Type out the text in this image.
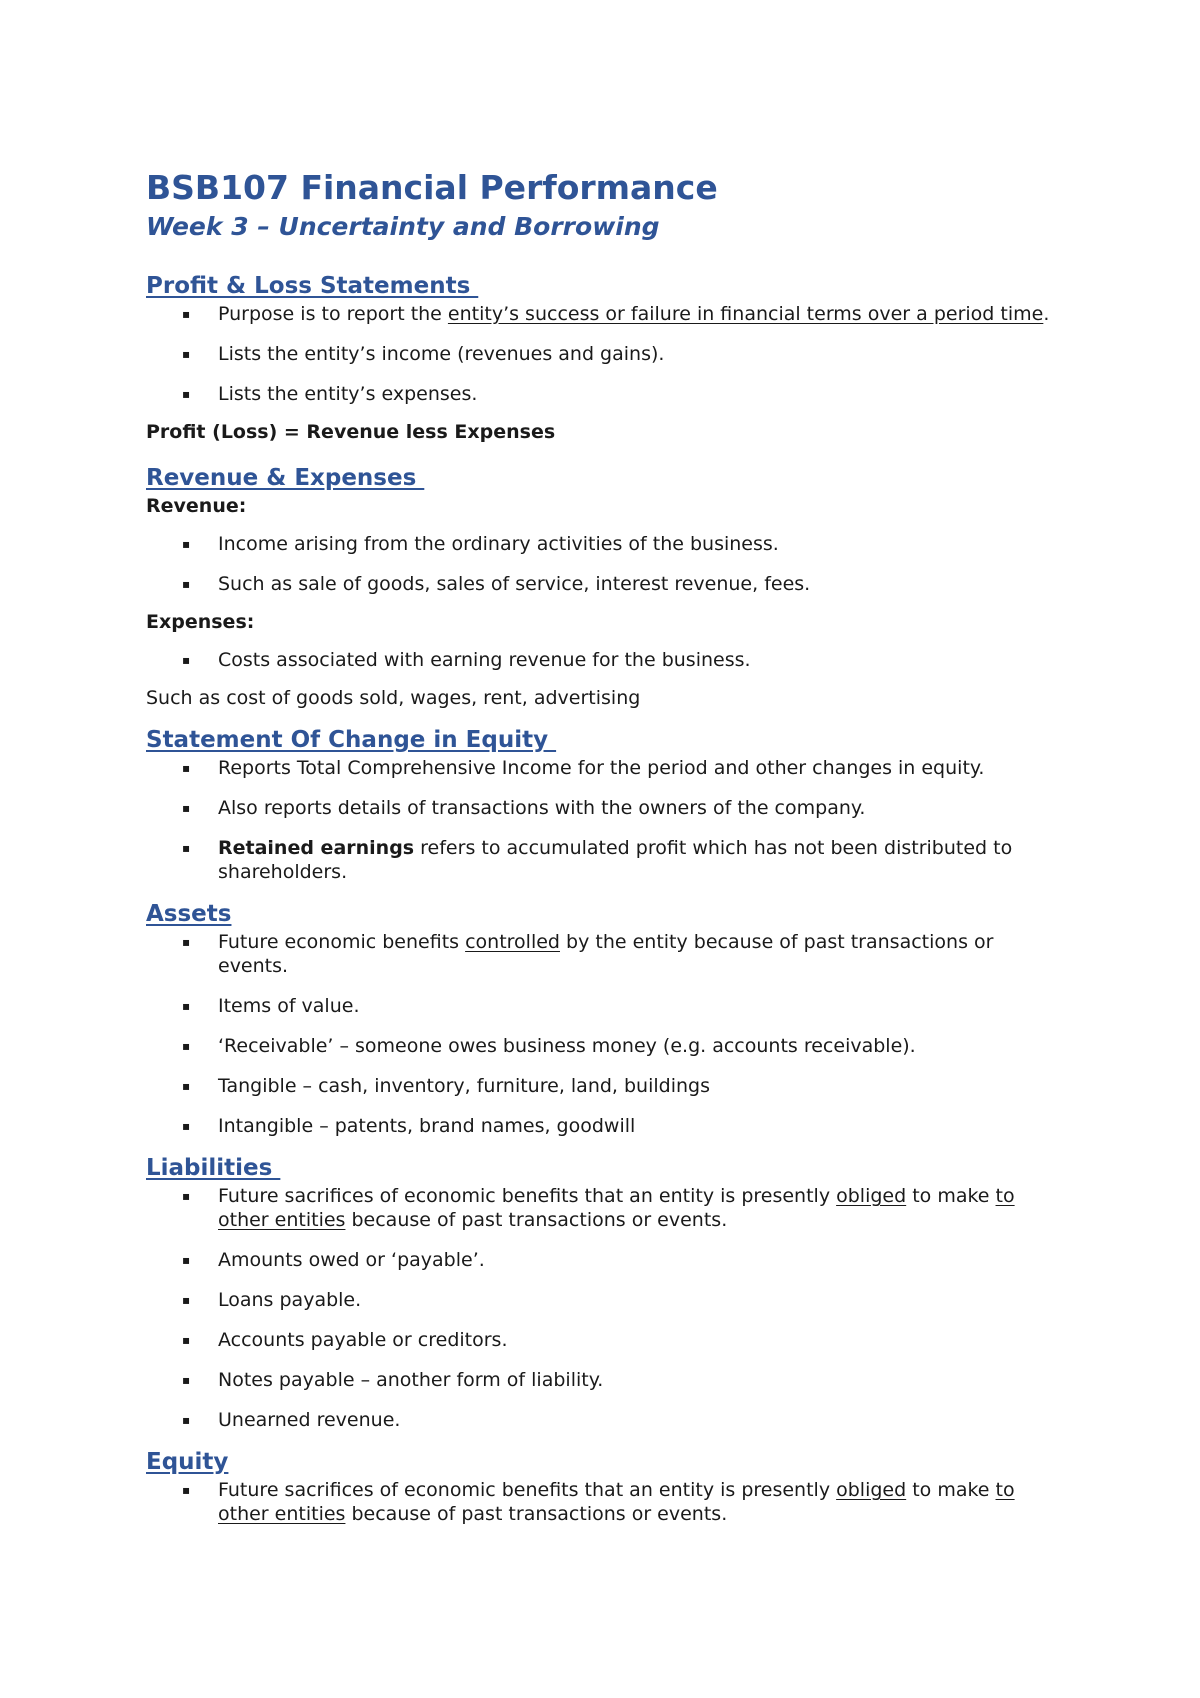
BSB107 Financial Performance
Week 3 – Uncertainty and Borrowing
Profit & Loss Statements
▪ Purpose is to report the entity’s success or failure in financial terms over a period time.
▪ Lists the entity’s income (revenues and gains).
▪ Lists the entity’s expenses.

Profit (Loss) = Revenue less Expenses

Revenue & Expenses

Revenue:

▪ Income arising from the ordinary activities of the business.
▪ Such as sale of goods, sales of service, interest revenue, fees.

Expenses:

▪ Costs associated with earning revenue for the business.

Such as cost of goods sold, wages, rent, advertising

Statement Of Change in Equity
▪ Reports Total Comprehensive Income for the period and other changes in equity.
▪ Also reports details of transactions with the owners of the company.
▪ Retained earnings refers to accumulated profit which has not been distributed to shareholders.
Assets
▪ Future economic benefits controlled by the entity because of past transactions or events.
▪ Items of value.
▪ ‘Receivable’ – someone owes business money (e.g. accounts receivable).
▪ Tangible – cash, inventory, furniture, land, buildings
▪ Intangible – patents, brand names, goodwill
Liabilities
▪ Future sacrifices of economic benefits that an entity is presently obliged to make to other entities because of past transactions or events.
▪ Amounts owed or ‘payable’.
▪ Loans payable.
▪ Accounts payable or creditors.
▪ Notes payable – another form of liability.
▪ Unearned revenue.
Equity
▪ Future sacrifices of economic benefits that an entity is presently obliged to make to other entities because of past transactions or events.
